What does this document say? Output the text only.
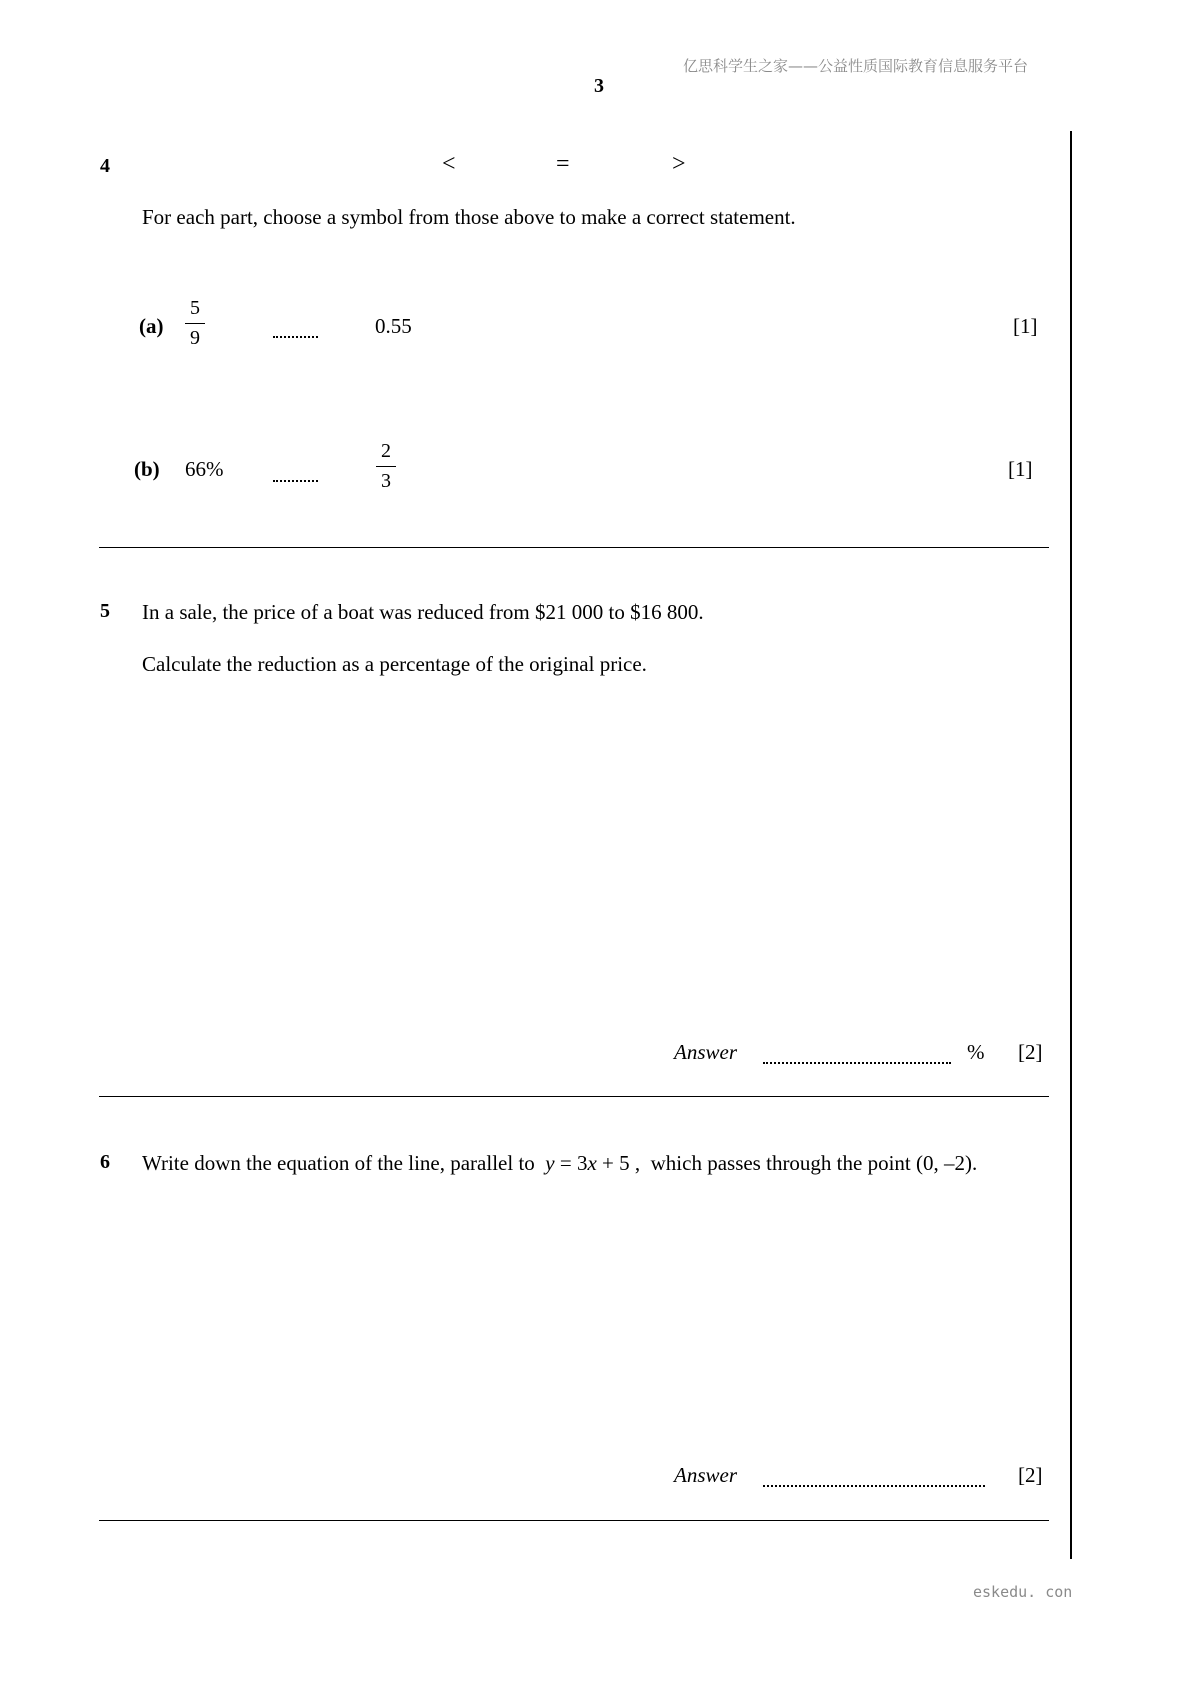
亿思科学生之家——公益性质国际教育信息服务平台
3
4	<	=	>
For each part, choose a symbol from those above to make a correct statement.
(a)
5
9	0.55	[1]
(b) 66%
2
3	[1]
5 In a sale, the price of a boat was reduced from $21 000 to $16 800.
Calculate the reduction as a percentage of the original price.
Answer	% [2]
6 Write down the equation of the line, parallel to y = 3x + 5 , which passes through the point (0, –2).
Answer	[2]
eskedu. con
